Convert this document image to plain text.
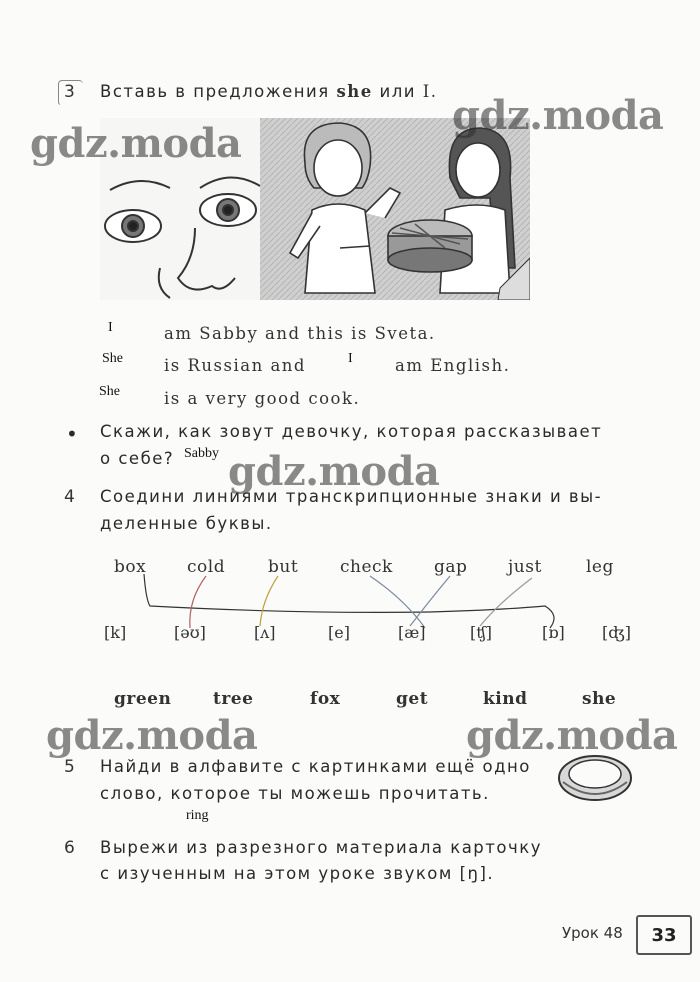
3 Вставь в предложения she или I.
I	am Sabby and this is Sveta.
She is Russian and	I	am English.
She	is a very good cook.
• Скажи, как зовут девочку, которая рассказывает
о себе? Sabby
4 Соедини линиями транскрипционные знаки и вы-
деленные буквы.
box cold	but check gap just	leg
[k]	[əʊ]	[ʌ]	[e]	[æ]	[ʧ]	[ɒ] [ʤ]
green tree	fox	get	kind	she
5 Найди в алфавите с картинками ещё одно
слово, которое ты можешь прочитать.
ring
6 Вырежи из разрезного материала карточку
с изученным на этом уроке звуком [ŋ].
Урок 48	33
gdz.moda
gdz.moda
gdz.moda
gdz.moda	gdz.moda
